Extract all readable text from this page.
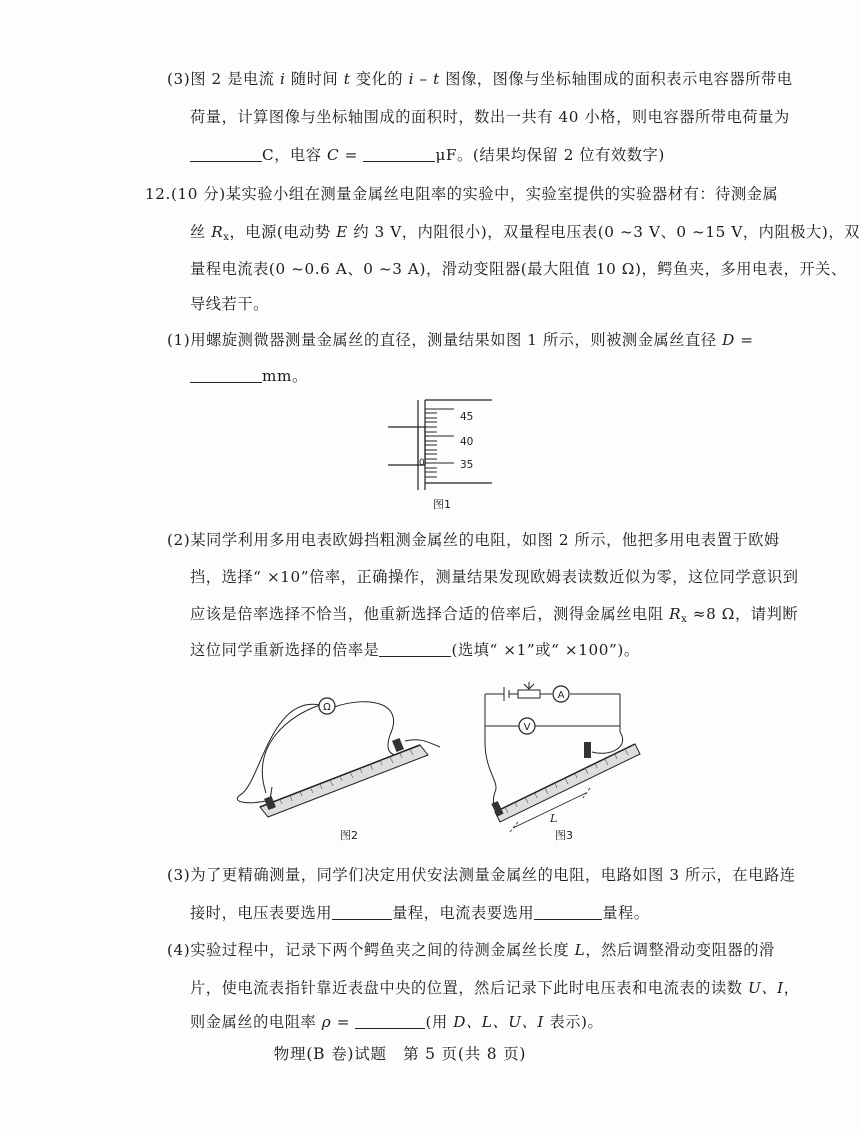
(3)图 2 是电流 i 随时间 t 变化的 i – t 图像，图像与坐标轴围成的面积表示电容器所带电
荷量，计算图像与坐标轴围成的面积时，数出一共有 40 小格，则电容器所带电荷量为
C，电容 C =	μF。(结果均保留 2 位有效数字)
12.(10 分)某实验小组在测量金属丝电阻率的实验中，实验室提供的实验器材有：待测金属
丝 $R_x$，电源(电动势 E 约 3 V，内阻很小)，双量程电压表(0 ~3 V、0 ~15 V，内阻极大)，双
量程电流表(0 ~0.6 A、0 ~3 A)，滑动变阻器(最大阻值 10 Ω)，鳄鱼夹，多用电表，开关、
导线若干。
(1)用螺旋测微器测量金属丝的直径，测量结果如图 1 所示，则被测金属丝直径 D =
mm。
45
40
35
0
图1
(2)某同学利用多用电表欧姆挡粗测金属丝的电阻，如图 2 所示，他把多用电表置于欧姆
挡，选择“ ×10”倍率，正确操作，测量结果发现欧姆表读数近似为零，这位同学意识到
应该是倍率选择不恰当，他重新选择合适的倍率后，测得金属丝电阻 $R_x \approx 8$ Ω，请判断
这位同学重新选择的倍率是	(选填“ ×1”或“ ×100”)。
Ω
图2
A
V
L
图3
(3)为了更精确测量，同学们决定用伏安法测量金属丝的电阻，电路如图 3 所示，在电路连
接时，电压表要选用	量程，电流表要选用	量程。
(4)实验过程中，记录下两个鳄鱼夹之间的待测金属丝长度 L，然后调整滑动变阻器的滑
片，使电流表指针靠近表盘中央的位置，然后记录下此时电压表和电流表的读数 U、I，
则金属丝的电阻率 ρ =	(用 D、L、U、I 表示)。
物理(B 卷)试题　第 5 页(共 8 页)
